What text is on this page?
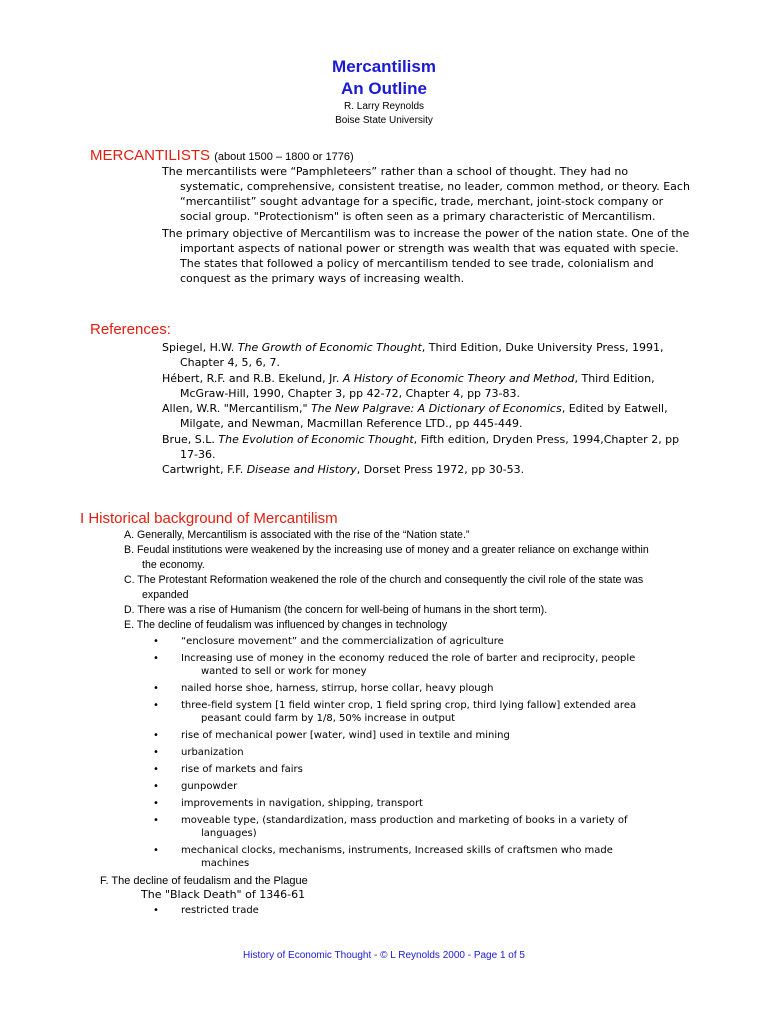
Mercantilism
An Outline
R. Larry Reynolds
Boise State University
MERCANTILISTS (about 1500 – 1800 or 1776)
The mercantilists were “Pamphleteers” rather than a school of thought. They had no systematic, comprehensive, consistent treatise, no leader, common method, or theory. Each “mercantilist” sought advantage for a specific, trade, merchant, joint-stock company or social group. "Protectionism" is often seen as a primary characteristic of Mercantilism.
The primary objective of Mercantilism was to increase the power of the nation state. One of the important aspects of national power or strength was wealth that was equated with specie. The states that followed a policy of mercantilism tended to see trade, colonialism and conquest as the primary ways of increasing wealth.
References:
Spiegel, H.W. The Growth of Economic Thought, Third Edition, Duke University Press, 1991, Chapter 4, 5, 6, 7.
Hébert, R.F. and R.B. Ekelund, Jr. A History of Economic Theory and Method, Third Edition, McGraw-Hill, 1990, Chapter 3, pp 42-72, Chapter 4, pp 73-83.
Allen, W.R. "Mercantilism," The New Palgrave: A Dictionary of Economics, Edited by Eatwell, Milgate, and Newman, Macmillan Reference LTD., pp 445-449.
Brue, S.L. The Evolution of Economic Thought, Fifth edition, Dryden Press, 1994,Chapter 2, pp 17-36.
Cartwright, F.F. Disease and History, Dorset Press 1972, pp 30-53.
I Historical background of Mercantilism
A. Generally, Mercantilism is associated with the rise of the “Nation state.”
B. Feudal institutions were weakened by the increasing use of money and a greater reliance on exchange within the economy.
C. The Protestant Reformation weakened the role of the church and consequently the civil role of the state was expanded
D. There was a rise of Humanism (the concern for well-being of humans in the short term).
E. The decline of feudalism was influenced by changes in technology
• “enclosure movement” and the commercialization of agriculture
• Increasing use of money in the economy reduced the role of barter and reciprocity, people wanted to sell or work for money
• nailed horse shoe, harness, stirrup, horse collar, heavy plough
• three-field system [1 field winter crop, 1 field spring crop, third lying fallow] extended area peasant could farm by 1/8, 50% increase in output
• rise of mechanical power [water, wind] used in textile and mining
• urbanization
• rise of markets and fairs
• gunpowder
• improvements in navigation, shipping, transport
• moveable type, (standardization, mass production and marketing of books in a variety of languages)
• mechanical clocks, mechanisms, instruments, Increased skills of craftsmen who made machines
F. The decline of feudalism and the Plague
The "Black Death" of 1346-61
• restricted trade
History of Economic Thought - © L Reynolds 2000 - Page 1 of 5
